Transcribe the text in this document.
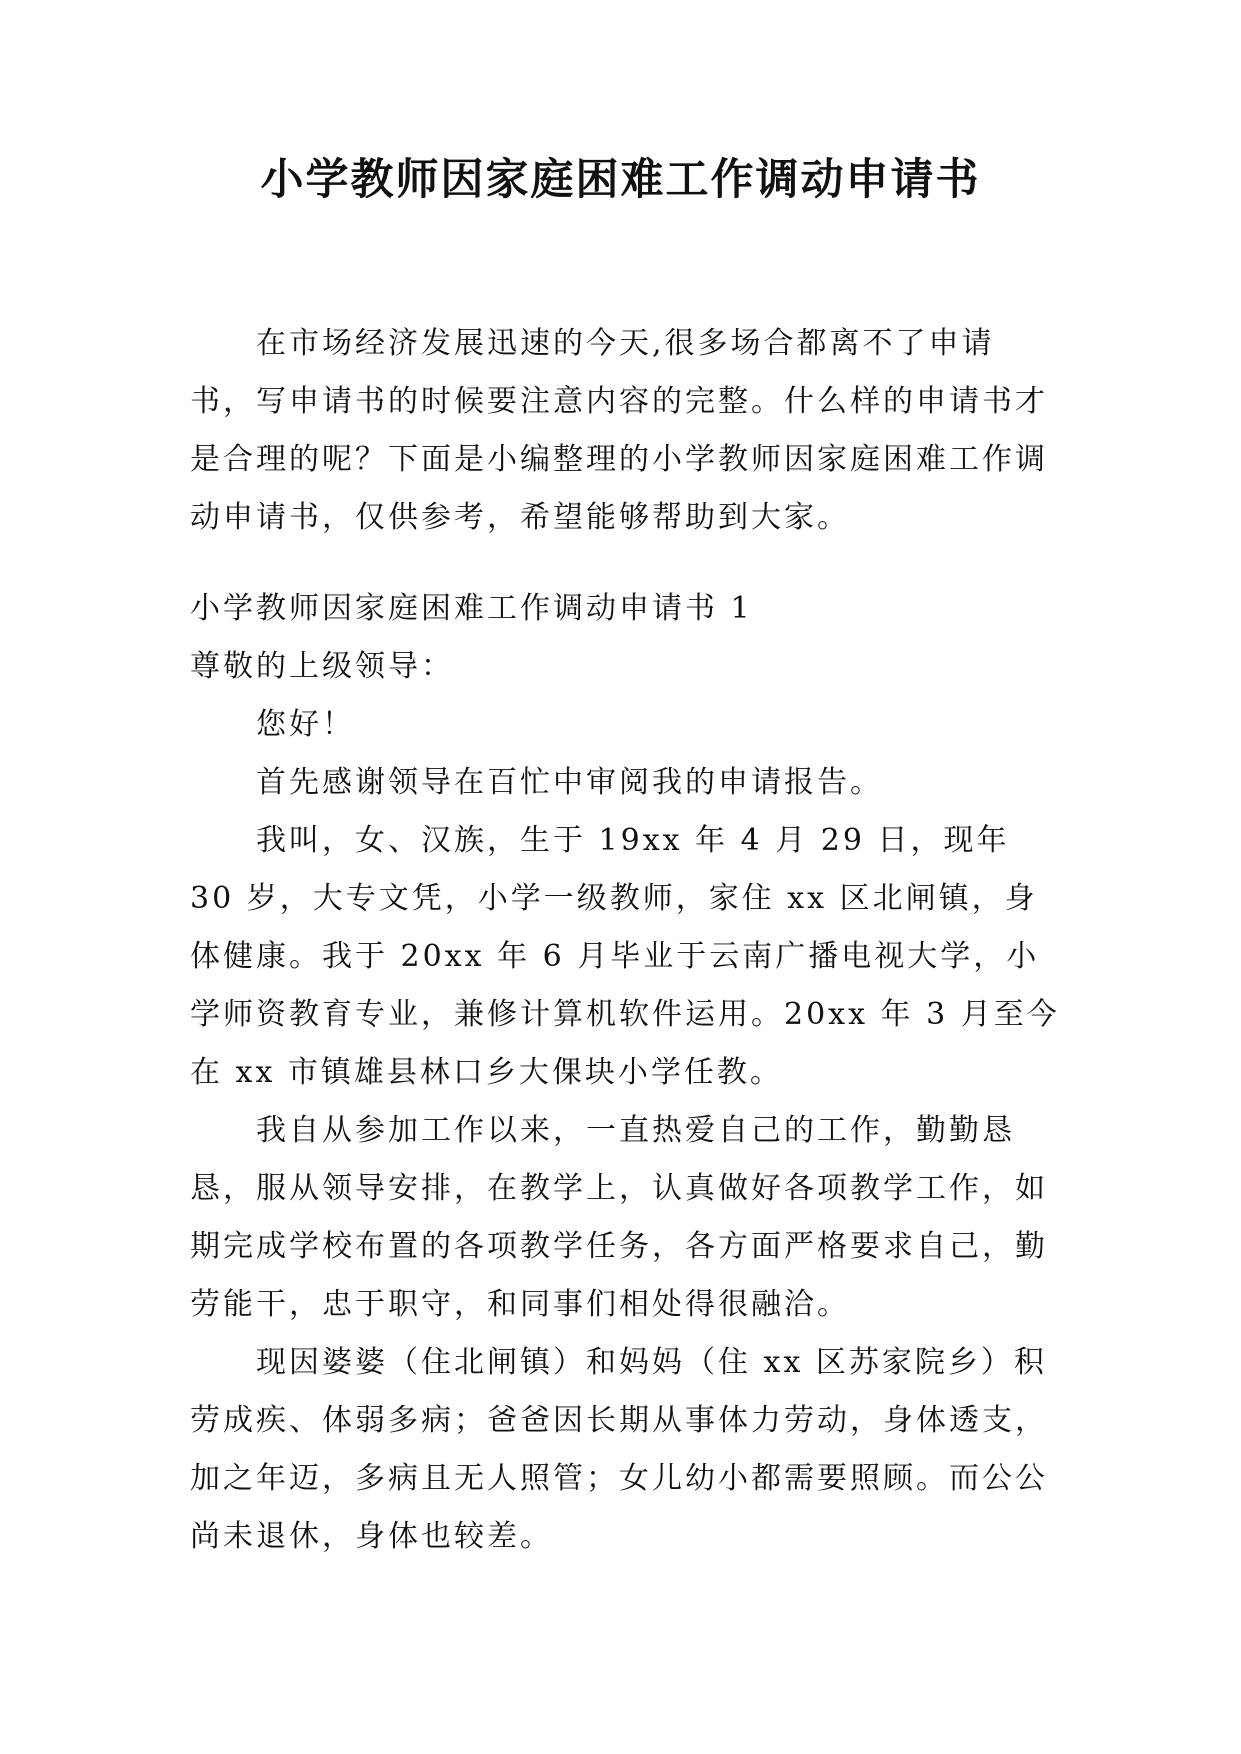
小学教师因家庭困难工作调动申请书

在市场经济发展迅速的今天,很多场合都离不了申请书，写申请书的时候要注意内容的完整。什么样的申请书才是合理的呢？下面是小编整理的小学教师因家庭困难工作调动申请书，仅供参考，希望能够帮助到大家。

小学教师因家庭困难工作调动申请书 1

尊敬的上级领导：

您好！

首先感谢领导在百忙中审阅我的申请报告。

我叫，女、汉族，生于 19xx 年 4 月 29 日，现年 30 岁，大专文凭，小学一级教师，家住 xx 区北闸镇，身体健康。我于 20xx 年 6 月毕业于云南广播电视大学，小学师资教育专业，兼修计算机软件运用。20xx 年 3 月至今在 xx 市镇雄县林口乡大倮块小学任教。

我自从参加工作以来，一直热爱自己的工作，勤勤恳恳，服从领导安排，在教学上，认真做好各项教学工作，如期完成学校布置的各项教学任务，各方面严格要求自己，勤劳能干，忠于职守，和同事们相处得很融洽。

现因婆婆（住北闸镇）和妈妈（住 xx 区苏家院乡）积劳成疾、体弱多病；爸爸因长期从事体力劳动，身体透支，加之年迈，多病且无人照管；女儿幼小都需要照顾。而公公尚未退休，身体也较差。
